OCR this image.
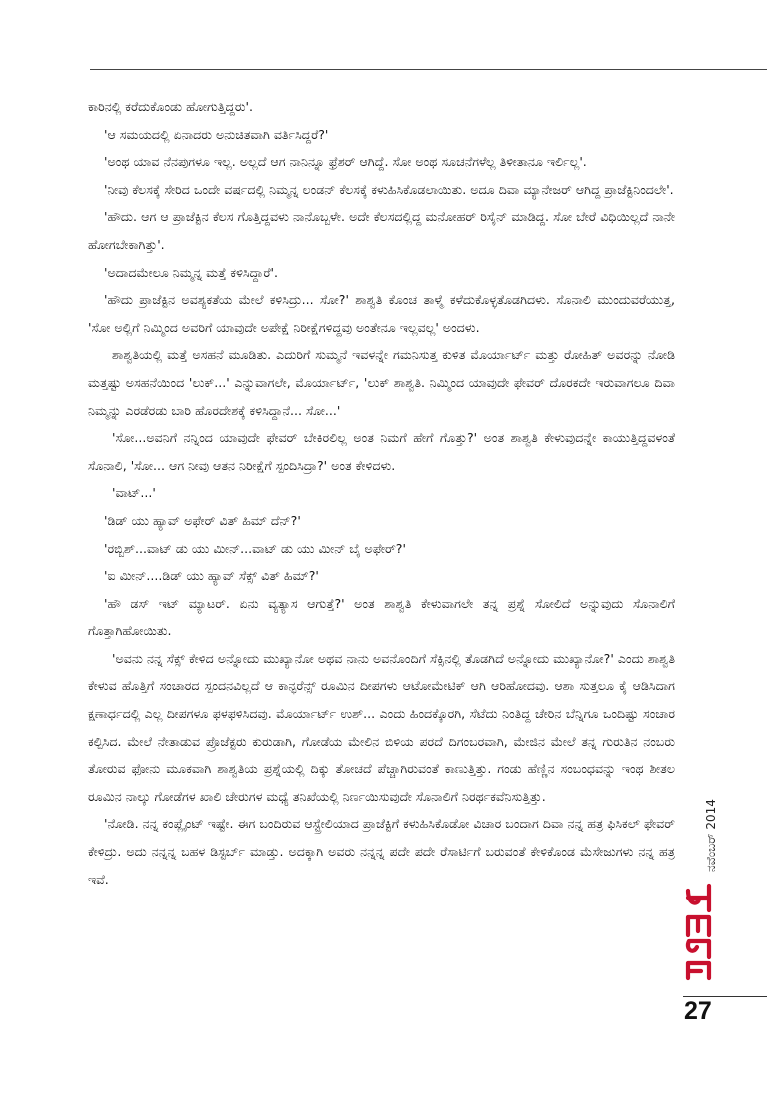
ಕಾರಿನಲ್ಲಿ ಕರೆದುಕೊಂಡು ಹೋಗುತ್ತಿದ್ದರು'.

'ಆ ಸಮಯದಲ್ಲಿ ಏನಾದರು ಅನುಚಿತವಾಗಿ ವರ್ತಿಸಿದ್ದರೆ?'

'ಅಂಥ ಯಾವ ನೆನಪುಗಳೂ ಇಲ್ಲ. ಅಲ್ಲದೆ ಆಗ ನಾನಿನ್ನೂ ಫ್ರೆಶರ್ ಆಗಿದ್ದೆ. ಸೋ ಅಂಥ ಸೂಚನೆಗಳೆಲ್ಲ ತಿಳೀತಾನೂ ಇರ್ಲಿಲ್ಲ'.

'ನೀವು ಕೆಲಸಕ್ಕೆ ಸೇರಿದ ಒಂದೇ ವರ್ಷದಲ್ಲಿ ನಿಮ್ಮನ್ನ ಲಂಡನ್ ಕೆಲಸಕ್ಕೆ ಕಳುಹಿಸಿಕೊಡಲಾಯಿತು. ಅದೂ ದಿವಾ ಮ್ಯಾನೇಜರ್ ಆಗಿದ್ದ ಪ್ರಾಜೆಕ್ಟಿನಿಂದಲೇ'.

'ಹೌದು. ಆಗ ಆ ಪ್ರಾಜೆಕ್ಟಿನ ಕೆಲಸ ಗೊತ್ತಿದ್ದವಳು ನಾನೊಬ್ಬಳೇ. ಅದೇ ಕೆಲಸದಲ್ಲಿದ್ದ ಮನೋಹರ್ ರಿಸೈನ್ ಮಾಡಿದ್ದ. ಸೋ ಬೇರೆ ವಿಧಿಯಿಲ್ಲದೆ ನಾನೇ ಹೋಗಬೇಕಾಗಿತ್ತು'.

'ಅದಾದಮೇಲೂ ನಿಮ್ಮನ್ನ ಮತ್ತೆ ಕಳಿಸಿದ್ದಾರೆ'.

'ಹೌದು ಪ್ರಾಜೆಕ್ಟಿನ ಅವಶ್ಯಕತೆಯ ಮೇಲೆ ಕಳಿಸಿದ್ರು... ಸೋ?' ಶಾಶ್ವತಿ ಕೊಂಚ ತಾಳ್ಮೆ ಕಳೆದುಕೊಳ್ಳತೊಡಗಿದಳು. ಸೊನಾಲಿ ಮುಂದುವರೆಯುತ್ತ, 'ಸೋ ಅಲ್ಲಿಗೆ ನಿಮ್ಮಿಂದ ಅವರಿಗೆ ಯಾವುದೇ ಅಪೇಕ್ಷೆ ನಿರೀಕ್ಷೆಗಳಿದ್ದವು ಅಂತೇನೂ ಇಲ್ಲವಲ್ಲ' ಅಂದಳು.

ಶಾಶ್ವತಿಯಲ್ಲಿ ಮತ್ತೆ ಅಸಹನೆ ಮೂಡಿತು. ಎದುರಿಗೆ ಸುಮ್ಮನೆ ಇವಳನ್ನೇ ಗಮನಿಸುತ್ತ ಕುಳಿತ ಮೊರ್ಯಾರ್ಟ್ ಮತ್ತು ರೋಹಿತ್ ಅವರನ್ನು ನೋಡಿ ಮತ್ತಷ್ಟು ಅಸಹನೆಯಿಂದ 'ಲುಕ್...' ಎನ್ನುವಾಗಲೇ, ಮೊರ್ಯಾರ್ಟ್, 'ಲುಕ್ ಶಾಶ್ವತಿ. ನಿಮ್ಮಿಂದ ಯಾವುದೇ ಫೇವರ್ ದೊರಕದೇ ಇರುವಾಗಲೂ ದಿವಾ ನಿಮ್ಮನ್ನು ಎರಡೆರಡು ಬಾರಿ ಹೊರದೇಶಕ್ಕೆ ಕಳಿಸಿದ್ದಾನೆ... ಸೋ...'

'ಸೋ...ಅವನಿಗೆ ನನ್ನಿಂದ ಯಾವುದೇ ಫೇವರ್ ಬೇಕಿರಲಿಲ್ಲ ಅಂತ ನಿಮಗೆ ಹೇಗೆ ಗೊತ್ತು?' ಅಂತ ಶಾಶ್ವತಿ ಕೇಳುವುದನ್ನೇ ಕಾಯುತ್ತಿದ್ದವಳಂತೆ ಸೊನಾಲಿ, 'ಸೋ... ಆಗ ನೀವು ಆತನ ನಿರೀಕ್ಷೆಗೆ ಸ್ಪಂದಿಸಿದ್ರಾ?' ಅಂತ ಕೇಳಿದಳು.

'ವಾಟ್...'

'ಡಿಡ್ ಯು ಹ್ಯಾವ್ ಅಫೇರ್ ವಿತ್ ಹಿಮ್ ದೆನ್?'

'ರಬ್ಬಿಶ್...ವಾಟ್ ಡು ಯು ಮೀನ್...ವಾಟ್ ಡು ಯು ಮೀನ್ ಬೈ ಅಫೇರ್?'

'ಐ ಮೀನ್....ಡಿಡ್ ಯು ಹ್ಯಾವ್ ಸೆಕ್ಸ್ ವಿತ್ ಹಿಮ್?'

'ಹೌ ಡಸ್ ಇಟ್ ಮ್ಯಾಟರ್. ಏನು ವ್ಯತ್ಯಾಸ ಆಗುತ್ತೆ?' ಅಂತ ಶಾಶ್ವತಿ ಕೇಳುವಾಗಲೇ ತನ್ನ ಪ್ರಶ್ನೆ ಸೋಲಿದೆ ಅನ್ನುವುದು ಸೊನಾಲಿಗೆ ಗೊತ್ತಾಗಿಹೋಯಿತು.

'ಅವನು ನನ್ನ ಸೆಕ್ಸ್ ಕೇಳಿದ ಅನ್ನೋದು ಮುಖ್ಯಾನೋ ಅಥವ ನಾನು ಅವನೊಂದಿಗೆ ಸೆಕ್ಸಿನಲ್ಲಿ ತೊಡಗಿದೆ ಅನ್ನೋದು ಮುಖ್ಯಾನೋ?' ಎಂದು ಶಾಶ್ವತಿ ಕೇಳುವ ಹೊತ್ತಿಗೆ ಸಂಚಾರದ ಸ್ಪಂದನವಿಲ್ಲದೆ ಆ ಕಾನ್ಫರೆನ್ಸ್ ರೂಮಿನ ದೀಪಗಳು ಆಟೋಮೇಟಿಕ್ ಆಗಿ ಆರಿಹೋದವು. ಆಶಾ ಸುತ್ತಲೂ ಕೈ ಆಡಿಸಿದಾಗ ಕ್ಷಣಾರ್ಧದಲ್ಲಿ ಎಲ್ಲ ದೀಪಗಳೂ ಫಳಫಳಿಸಿದವು. ಮೊರ್ಯಾರ್ಟ್ ಉಶ್... ಎಂದು ಹಿಂದಕ್ಕೊರಗಿ, ಸೆಟೆದು ನಿಂತಿದ್ದ ಚೇರಿನ ಬೆನ್ನಿಗೂ ಒಂದಿಷ್ಟು ಸಂಚಾರ ಕಲ್ಪಿಸಿದ. ಮೇಲೆ ನೇತಾಡುವ ಪ್ರೊಜೆಕ್ಟರು ಕುರುಡಾಗಿ, ಗೋಡೆಯ ಮೇಲಿನ ಬಿಳಿಯ ಪರದೆ ದಿಗಂಬರವಾಗಿ, ಮೇಜಿನ ಮೇಲೆ ತನ್ನ ಗುರುತಿನ ನಂಬರು ತೋರುವ ಫೋನು ಮೂಕವಾಗಿ ಶಾಶ್ವತಿಯ ಪ್ರಶ್ನೆಯಲ್ಲಿ ದಿಕ್ಕು ತೋಚದೆ ಪೆಚ್ಚಾಗಿರುವಂತೆ ಕಾಣುತ್ತಿತ್ತು. ಗಂಡು ಹೆಣ್ಣಿನ ಸಂಬಂಧವನ್ನು ಇಂಥ ಶೀತಲ ರೂಮಿನ ನಾಲ್ಕು ಗೋಡೆಗಳ ಖಾಲಿ ಚೇರುಗಳ ಮಧ್ಯೆ ತನಿಖೆಯಲ್ಲಿ ನಿರ್ಣಯಿಸುವುದೇ ಸೊನಾಲಿಗೆ ನಿರರ್ಥಕವೆನಿಸುತ್ತಿತ್ತು.

'ನೋಡಿ. ನನ್ನ ಕಂಪ್ಲೈಂಟ್ ಇಷ್ಟೇ. ಈಗ ಬಂದಿರುವ ಆಸ್ಟ್ರೇಲಿಯಾದ ಪ್ರಾಜೆಕ್ಟಿಗೆ ಕಳುಹಿಸಿಕೊಡೋ ವಿಚಾರ ಬಂದಾಗ ದಿವಾ ನನ್ನ ಹತ್ರ ಫಿಸಿಕಲ್ ಫೇವರ್ ಕೇಳಿದ್ರು. ಅದು ನನ್ನನ್ನ ಬಹಳ ಡಿಸ್ಟರ್ಬ್ ಮಾಡ್ತು. ಅದಕ್ಕಾಗಿ ಅವರು ನನ್ನನ್ನ ಪದೇ ಪದೇ ರೆಸಾರ್ಟಿಗೆ ಬರುವಂತೆ ಕೇಳಿಕೊಂಡ ಮೆಸೇಜುಗಳು ನನ್ನ ಹತ್ರ ಇವೆ.

ನವೆಂಬರ್ 2014
27
